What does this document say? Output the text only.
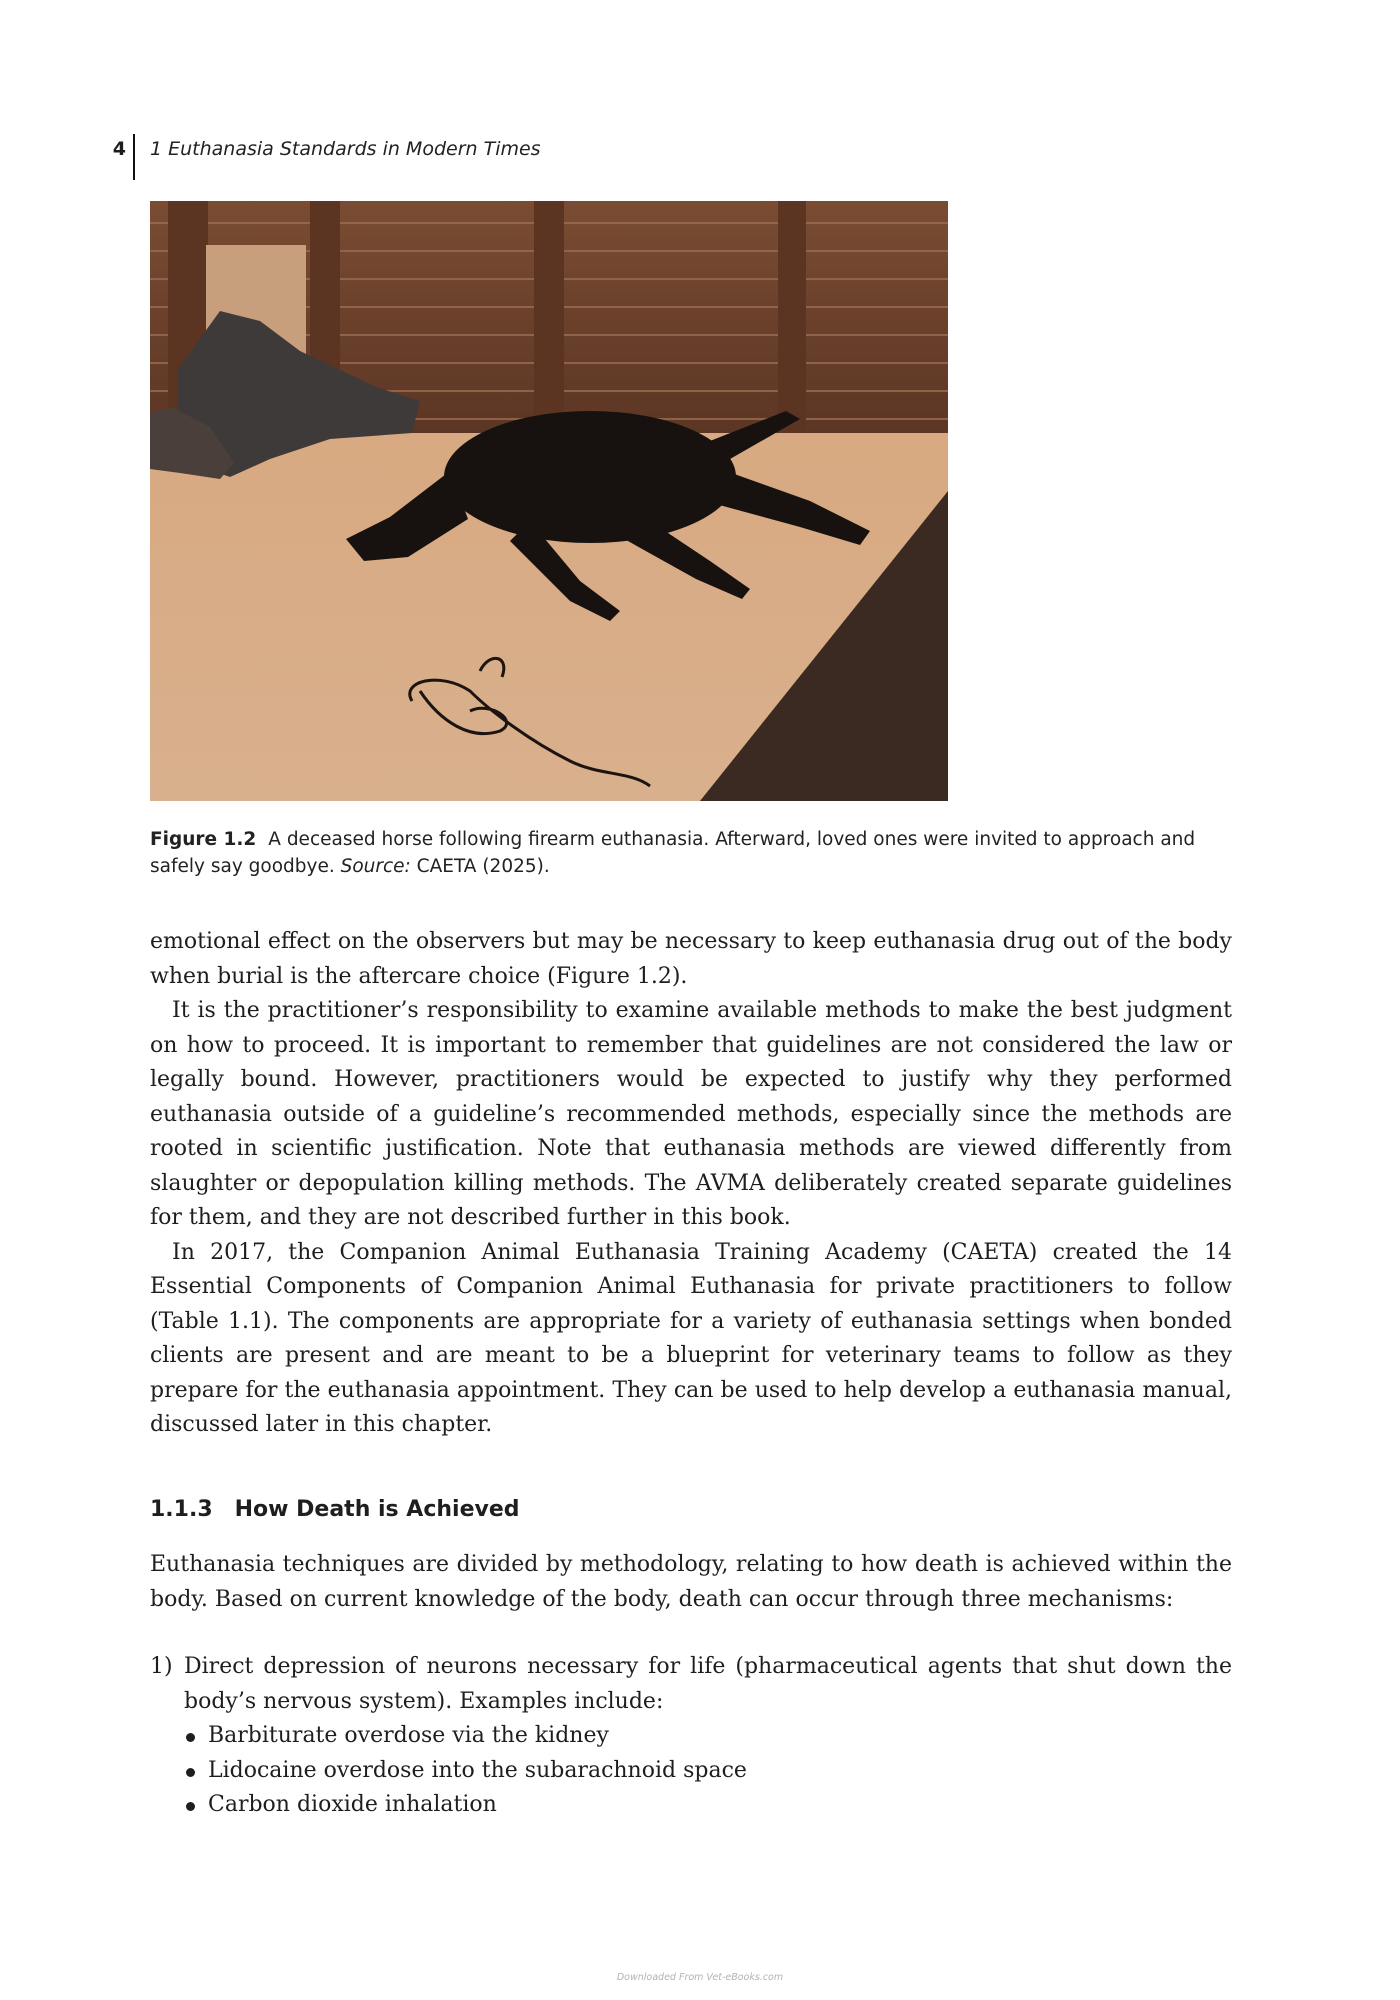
4 1 Euthanasia Standards in Modern Times
Figure 1.2 A deceased horse following firearm euthanasia. Afterward, loved ones were invited to approach and safely say goodbye. Source: CAETA (2025).

emotional effect on the observers but may be necessary to keep euthanasia drug out of the body when burial is the aftercare choice (Figure 1.2).

It is the practitioner’s responsibility to examine available methods to make the best judgment on how to proceed. It is important to remember that guidelines are not considered the law or legally bound. However, practitioners would be expected to justify why they performed euthanasia outside of a guideline’s recommended methods, especially since the methods are rooted in scientific justification. Note that euthanasia methods are viewed differently from slaughter or depopulation killing methods. The AVMA deliberately created separate guidelines for them, and they are not described further in this book.

In 2017, the Companion Animal Euthanasia Training Academy (CAETA) created the 14 Essential Components of Companion Animal Euthanasia for private practitioners to follow (Table 1.1). The components are appropriate for a variety of euthanasia settings when bonded clients are present and are meant to be a blueprint for veterinary teams to follow as they prepare for the euthanasia appointment. They can be used to help develop a euthanasia manual, discussed later in this chapter.

1.1.3 How Death is Achieved

Euthanasia techniques are divided by methodology, relating to how death is achieved within the body. Based on current knowledge of the body, death can occur through three mechanisms:

1) Direct depression of neurons necessary for life (pharmaceutical agents that shut down the body’s nervous system). Examples include:
Barbiturate overdose via the kidney
Lidocaine overdose into the subarachnoid space
Carbon dioxide inhalation
Downloaded From Vet-eBooks.com
